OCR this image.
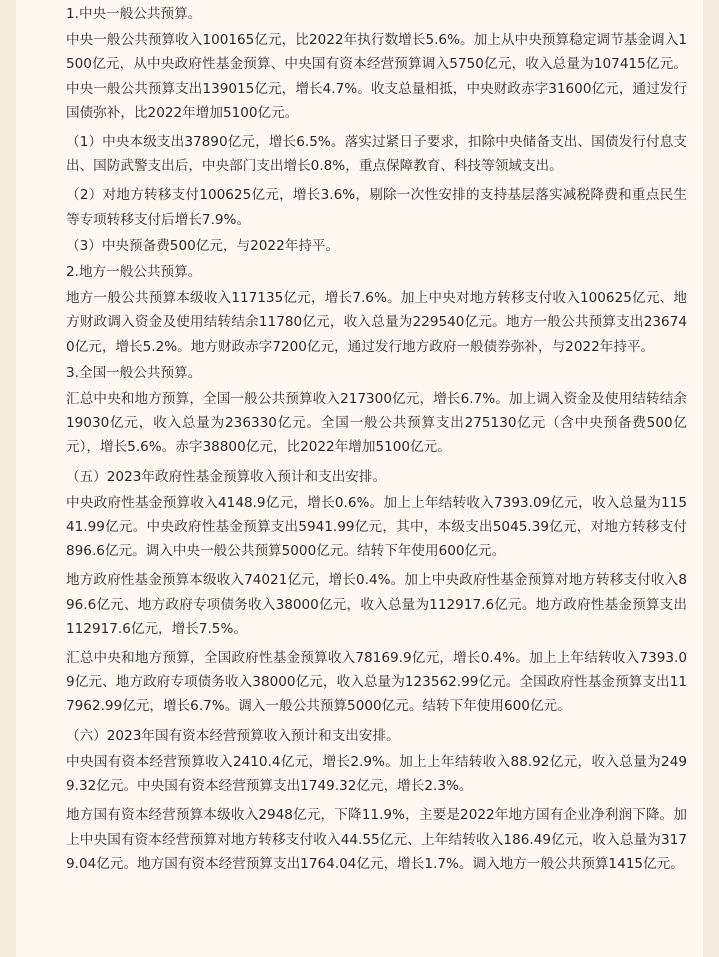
1.中央一般公共预算。

中央一般公共预算收入100165亿元，比2022年执行数增长5.6%。加上从中央预算稳定调节基金调入1500亿元，从中央政府性基金预算、中央国有资本经营预算调入5750亿元，收入总量为107415亿元。中央一般公共预算支出139015亿元，增长4.7%。收支总量相抵，中央财政赤字31600亿元，通过发行国债弥补，比2022年增加5100亿元。

（1）中央本级支出37890亿元，增长6.5%。落实过紧日子要求，扣除中央储备支出、国债发行付息支出、国防武警支出后，中央部门支出增长0.8%，重点保障教育、科技等领域支出。

（2）对地方转移支付100625亿元，增长3.6%，剔除一次性安排的支持基层落实减税降费和重点民生等专项转移支付后增长7.9%。

（3）中央预备费500亿元，与2022年持平。

2.地方一般公共预算。

地方一般公共预算本级收入117135亿元，增长7.6%。加上中央对地方转移支付收入100625亿元、地方财政调入资金及使用结转结余11780亿元，收入总量为229540亿元。地方一般公共预算支出236740亿元，增长5.2%。地方财政赤字7200亿元，通过发行地方政府一般债券弥补，与2022年持平。

3.全国一般公共预算。

汇总中央和地方预算，全国一般公共预算收入217300亿元，增长6.7%。加上调入资金及使用结转结余19030亿元，收入总量为236330亿元。全国一般公共预算支出275130亿元（含中央预备费500亿元），增长5.6%。赤字38800亿元，比2022年增加5100亿元。

（五）2023年政府性基金预算收入预计和支出安排。

中央政府性基金预算收入4148.9亿元，增长0.6%。加上上年结转收入7393.09亿元，收入总量为11541.99亿元。中央政府性基金预算支出5941.99亿元，其中，本级支出5045.39亿元，对地方转移支付896.6亿元。调入中央一般公共预算5000亿元。结转下年使用600亿元。

地方政府性基金预算本级收入74021亿元，增长0.4%。加上中央政府性基金预算对地方转移支付收入896.6亿元、地方政府专项债务收入38000亿元，收入总量为112917.6亿元。地方政府性基金预算支出112917.6亿元，增长7.5%。

汇总中央和地方预算，全国政府性基金预算收入78169.9亿元，增长0.4%。加上上年结转收入7393.09亿元、地方政府专项债务收入38000亿元，收入总量为123562.99亿元。全国政府性基金预算支出117962.99亿元，增长6.7%。调入一般公共预算5000亿元。结转下年使用600亿元。

（六）2023年国有资本经营预算收入预计和支出安排。

中央国有资本经营预算收入2410.4亿元，增长2.9%。加上上年结转收入88.92亿元，收入总量为2499.32亿元。中央国有资本经营预算支出1749.32亿元，增长2.3%。

地方国有资本经营预算本级收入2948亿元，下降11.9%，主要是2022年地方国有企业净利润下降。加上中央国有资本经营预算对地方转移支付收入44.55亿元、上年结转收入186.49亿元，收入总量为3179.04亿元。地方国有资本经营预算支出1764.04亿元，增长1.7%。调入地方一般公共预算1415亿元。
